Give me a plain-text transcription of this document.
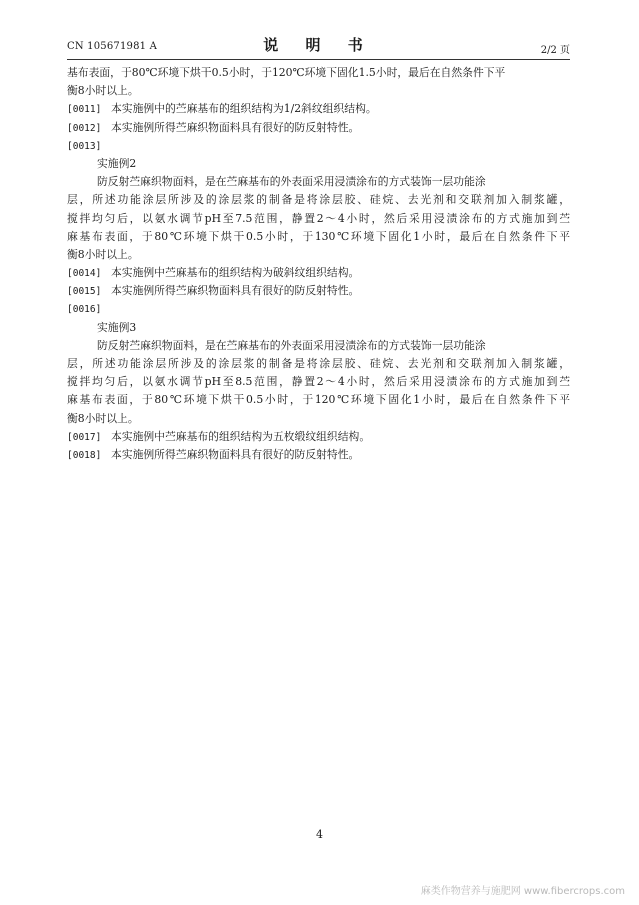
CN 105671981 A	说 明 书	2/2 页
基布表面，于80℃环境下烘干0.5小时，于120℃环境下固化1.5小时，最后在自然条件下平
衡8小时以上。
[0011] 本实施例中的苎麻基布的组织结构为1/2斜纹组织结构。
[0012] 本实施例所得苎麻织物面料具有很好的防反射特性。
[0013]
实施例2
防反射苎麻织物面料，是在苎麻基布的外表面采用浸渍涂布的方式装饰一层功能涂
层，所述功能涂层所涉及的涂层浆的制备是将涂层胶、硅烷、去光剂和交联剂加入制浆罐，
搅拌均匀后，以氨水调节pH至7.5范围，静置2～4小时，然后采用浸渍涂布的方式施加到苎
麻基布表面，于80℃环境下烘干0.5小时，于130℃环境下固化1小时，最后在自然条件下平
衡8小时以上。
[0014] 本实施例中苎麻基布的组织结构为破斜纹组织结构。
[0015] 本实施例所得苎麻织物面料具有很好的防反射特性。
[0016]
实施例3
防反射苎麻织物面料，是在苎麻基布的外表面采用浸渍涂布的方式装饰一层功能涂
层，所述功能涂层所涉及的涂层浆的制备是将涂层胶、硅烷、去光剂和交联剂加入制浆罐，
搅拌均匀后，以氨水调节pH至8.5范围，静置2～4小时，然后采用浸渍涂布的方式施加到苎
麻基布表面，于80℃环境下烘干0.5小时，于120℃环境下固化1小时，最后在自然条件下平
衡8小时以上。
[0017] 本实施例中苎麻基布的组织结构为五枚缎纹组织结构。
[0018] 本实施例所得苎麻织物面料具有很好的防反射特性。
4
麻类作物营养与施肥网 www.fibercrops.com
